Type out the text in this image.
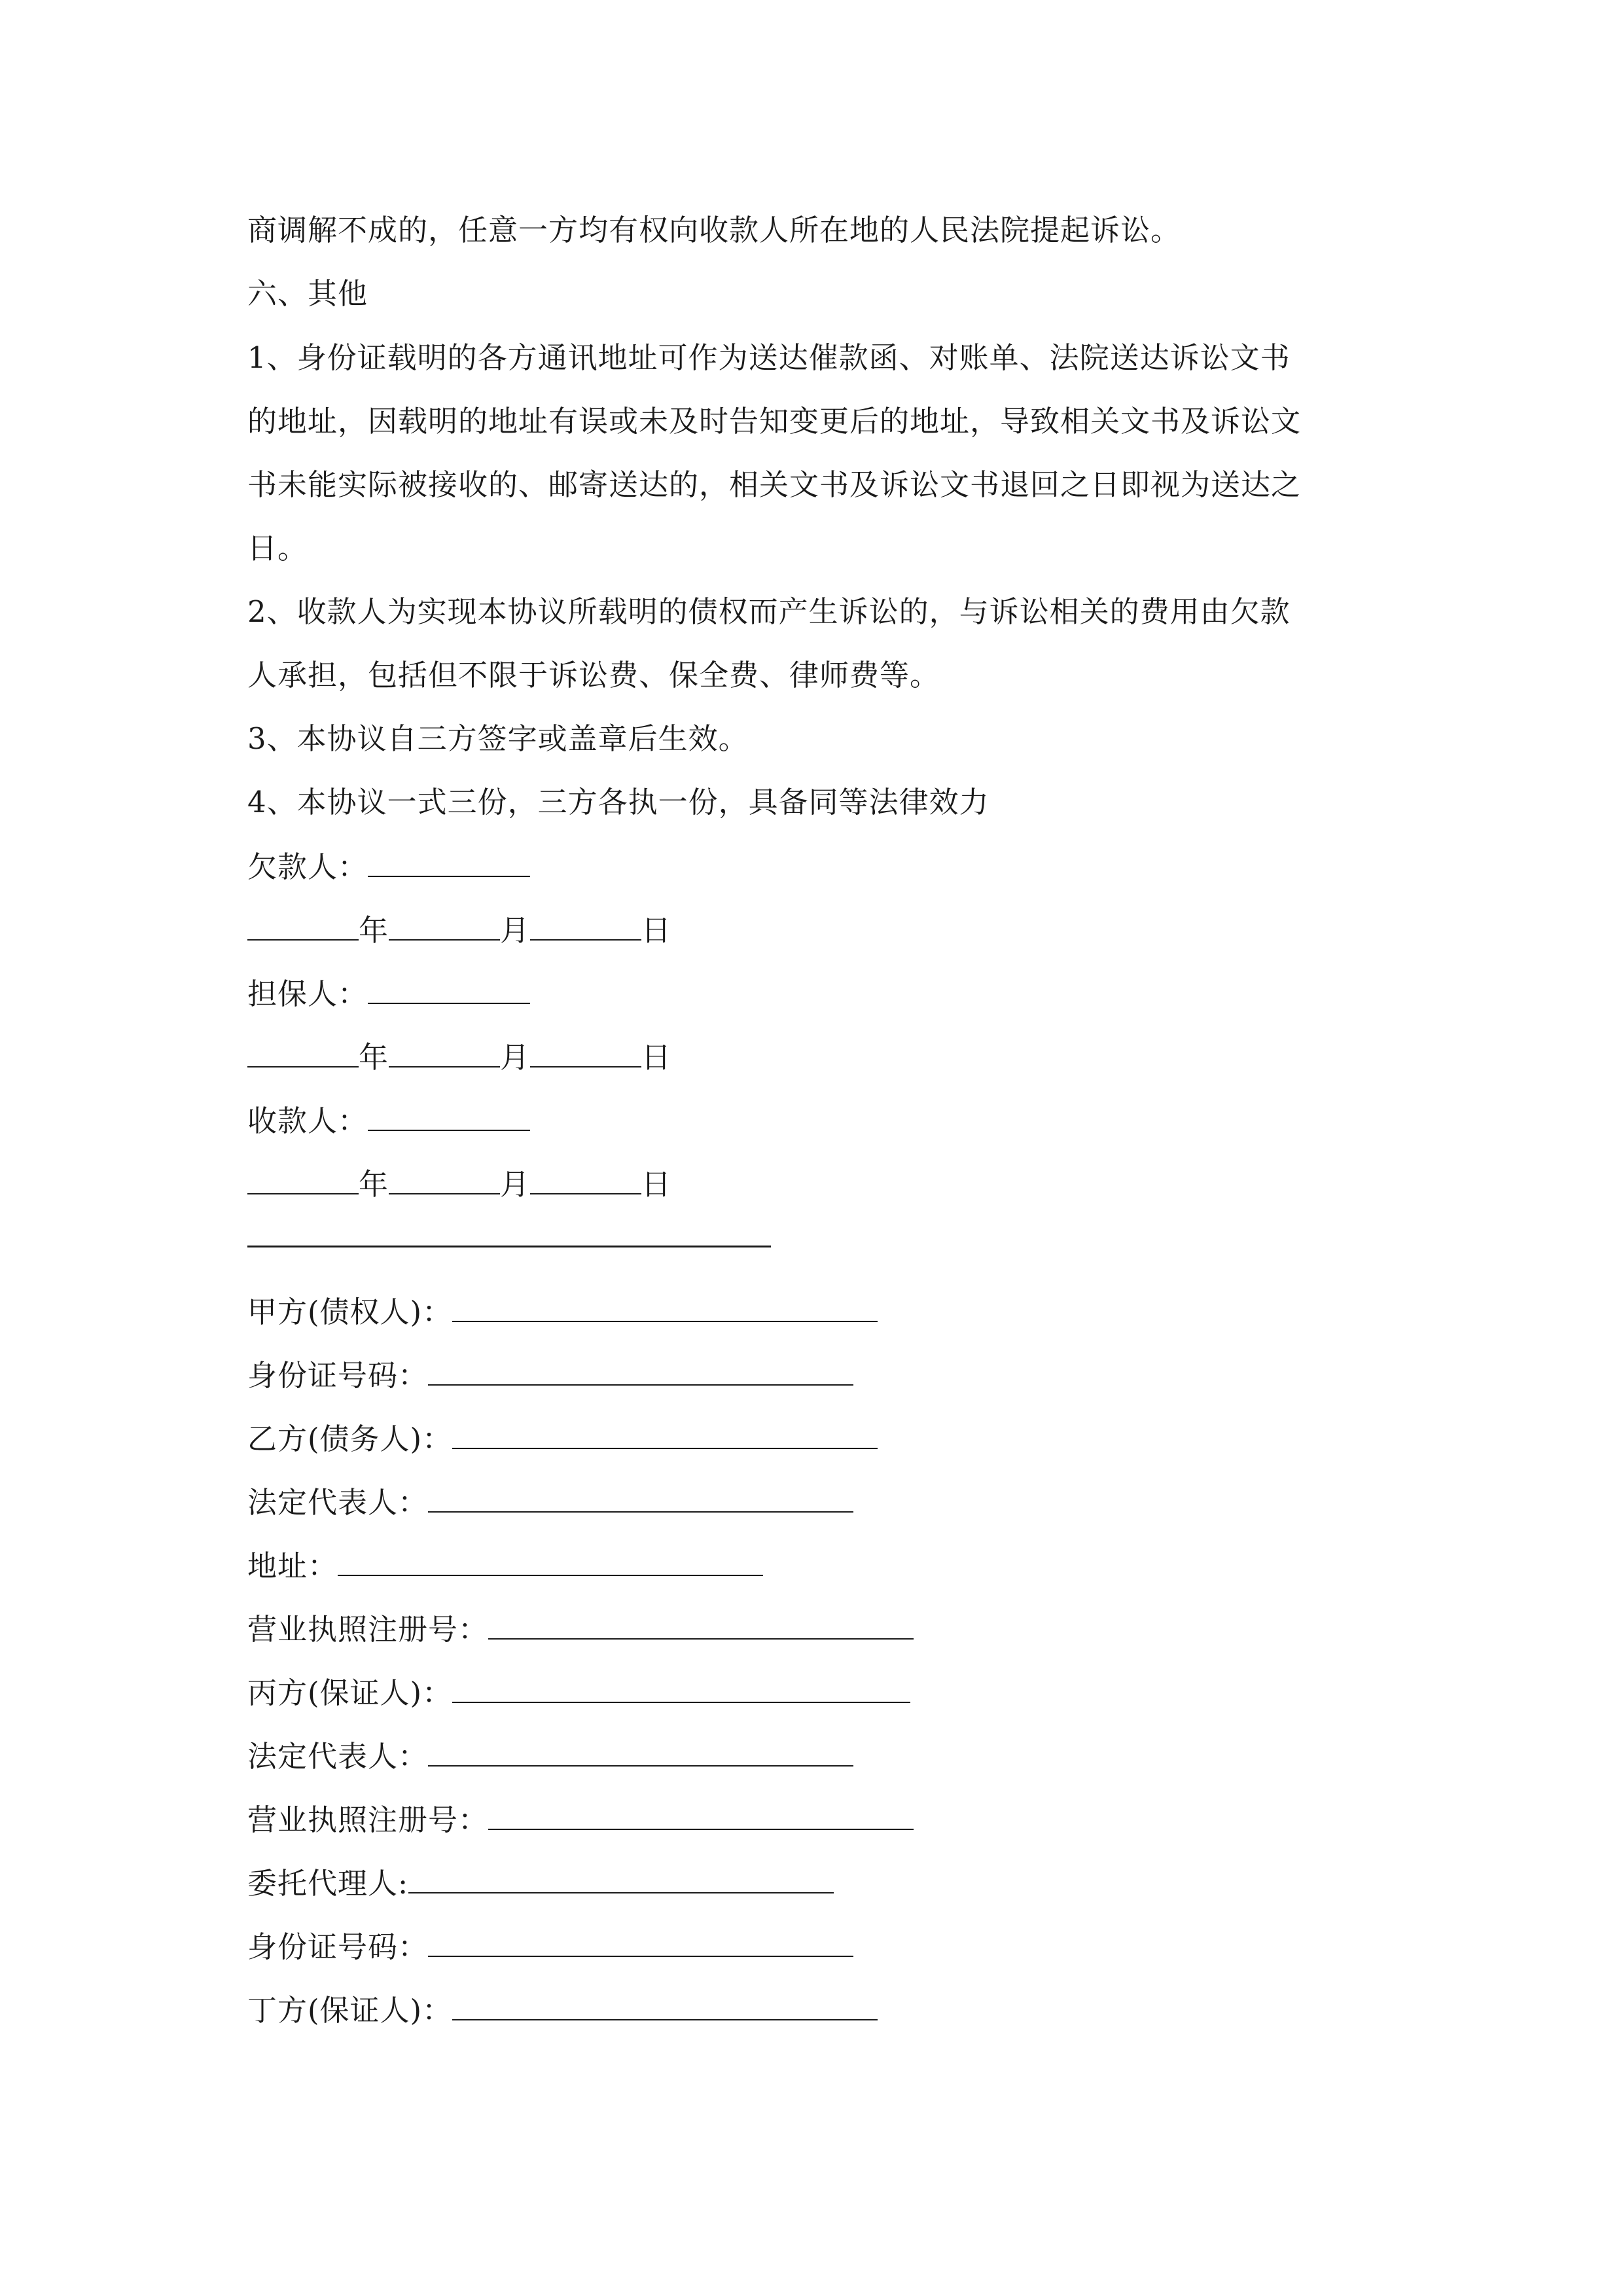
商调解不成的，任意一方均有权向收款人所在地的人民法院提起诉讼。
六、其他
1、身份证载明的各方通讯地址可作为送达催款函、对账单、法院送达诉讼文书
的地址，因载明的地址有误或未及时告知变更后的地址，导致相关文书及诉讼文
书未能实际被接收的、邮寄送达的，相关文书及诉讼文书退回之日即视为送达之
日。
2、收款人为实现本协议所载明的债权而产生诉讼的，与诉讼相关的费用由欠款
人承担，包括但不限于诉讼费、保全费、律师费等。
3、本协议自三方签字或盖章后生效。
4、本协议一式三份，三方各执一份，具备同等法律效力
欠款人：
年	月	日
担保人：
年	月	日
收款人：
年	月	日
甲方(债权人)：
身份证号码：
乙方(债务人)：
法定代表人：
地址：
营业执照注册号：
丙方(保证人)：
法定代表人：
营业执照注册号：
委托代理人:
身份证号码：
丁方(保证人)：
